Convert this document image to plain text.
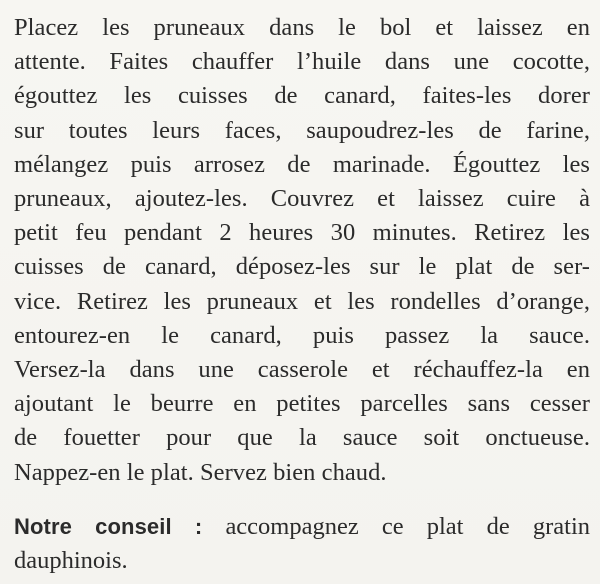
Placez les pruneaux dans le bol et laissez en
attente. Faites chauffer l’huile dans une cocotte,
égouttez les cuisses de canard, faites-les dorer
sur toutes leurs faces, saupoudrez-les de farine,
mélangez puis arrosez de marinade. Égouttez les
pruneaux, ajoutez-les. Couvrez et laissez cuire à
petit feu pendant 2 heures 30 minutes. Retirez les
cuisses de canard, déposez-les sur le plat de ser-
vice. Retirez les pruneaux et les rondelles d’orange,
entourez-en le canard, puis passez la sauce.
Versez-la dans une casserole et réchauffez-la en
ajoutant le beurre en petites parcelles sans cesser
de fouetter pour que la sauce soit onctueuse.
Nappez-en le plat. Servez bien chaud.
Notre conseil : accompagnez ce plat de gratin
dauphinois.
